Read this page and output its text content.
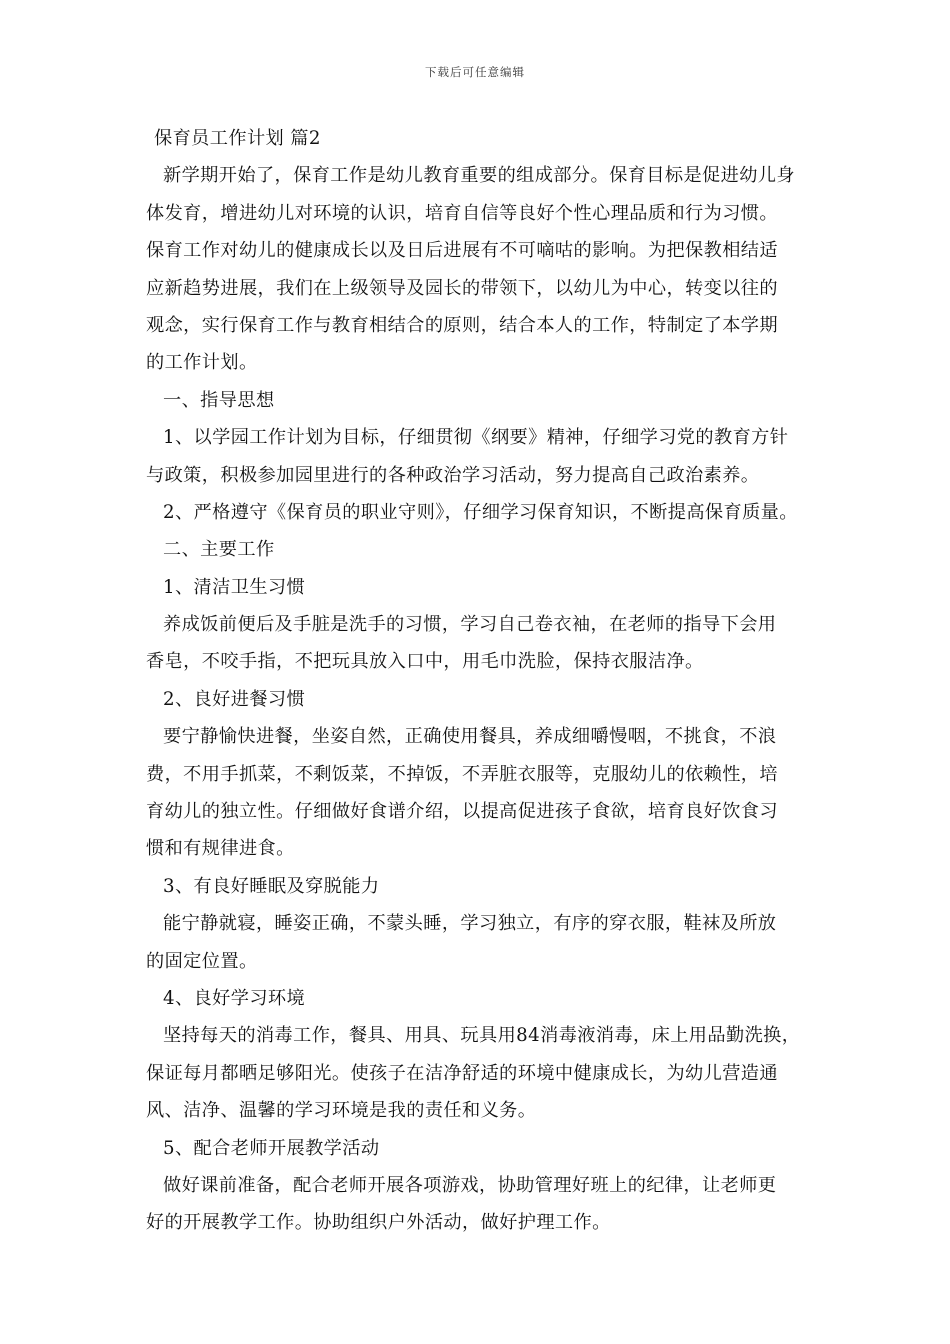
下载后可任意编辑
保育员工作计划 篇2
新学期开始了，保育工作是幼儿教育重要的组成部分。保育目标是促进幼儿身
体发育，增进幼儿对环境的认识，培育自信等良好个性心理品质和行为习惯。
保育工作对幼儿的健康成长以及日后进展有不可嘀咕的影响。为把保教相结适
应新趋势进展，我们在上级领导及园长的带领下，以幼儿为中心，转变以往的
观念，实行保育工作与教育相结合的原则，结合本人的工作，特制定了本学期
的工作计划。
一、指导思想
1、以学园工作计划为目标，仔细贯彻《纲要》精神，仔细学习党的教育方针
与政策，积极参加园里进行的各种政治学习活动，努力提高自己政治素养。
2、严格遵守《保育员的职业守则》，仔细学习保育知识，不断提高保育质量。
二、主要工作
1、清洁卫生习惯
养成饭前便后及手脏是洗手的习惯，学习自己卷衣袖，在老师的指导下会用
香皂，不咬手指，不把玩具放入口中，用毛巾洗脸，保持衣服洁净。
2、良好进餐习惯
要宁静愉快进餐，坐姿自然，正确使用餐具，养成细嚼慢咽，不挑食，不浪
费，不用手抓菜，不剩饭菜，不掉饭，不弄脏衣服等，克服幼儿的依赖性，培
育幼儿的独立性。仔细做好食谱介绍，以提高促进孩子食欲，培育良好饮食习
惯和有规律进食。
3、有良好睡眠及穿脱能力
能宁静就寝，睡姿正确，不蒙头睡，学习独立，有序的穿衣服，鞋袜及所放
的固定位置。
4、良好学习环境
坚持每天的消毒工作，餐具、用具、玩具用84消毒液消毒，床上用品勤洗换，
保证每月都晒足够阳光。使孩子在洁净舒适的环境中健康成长，为幼儿营造通
风、洁净、温馨的学习环境是我的责任和义务。
5、配合老师开展教学活动
做好课前准备，配合老师开展各项游戏，协助管理好班上的纪律，让老师更
好的开展教学工作。协助组织户外活动，做好护理工作。
